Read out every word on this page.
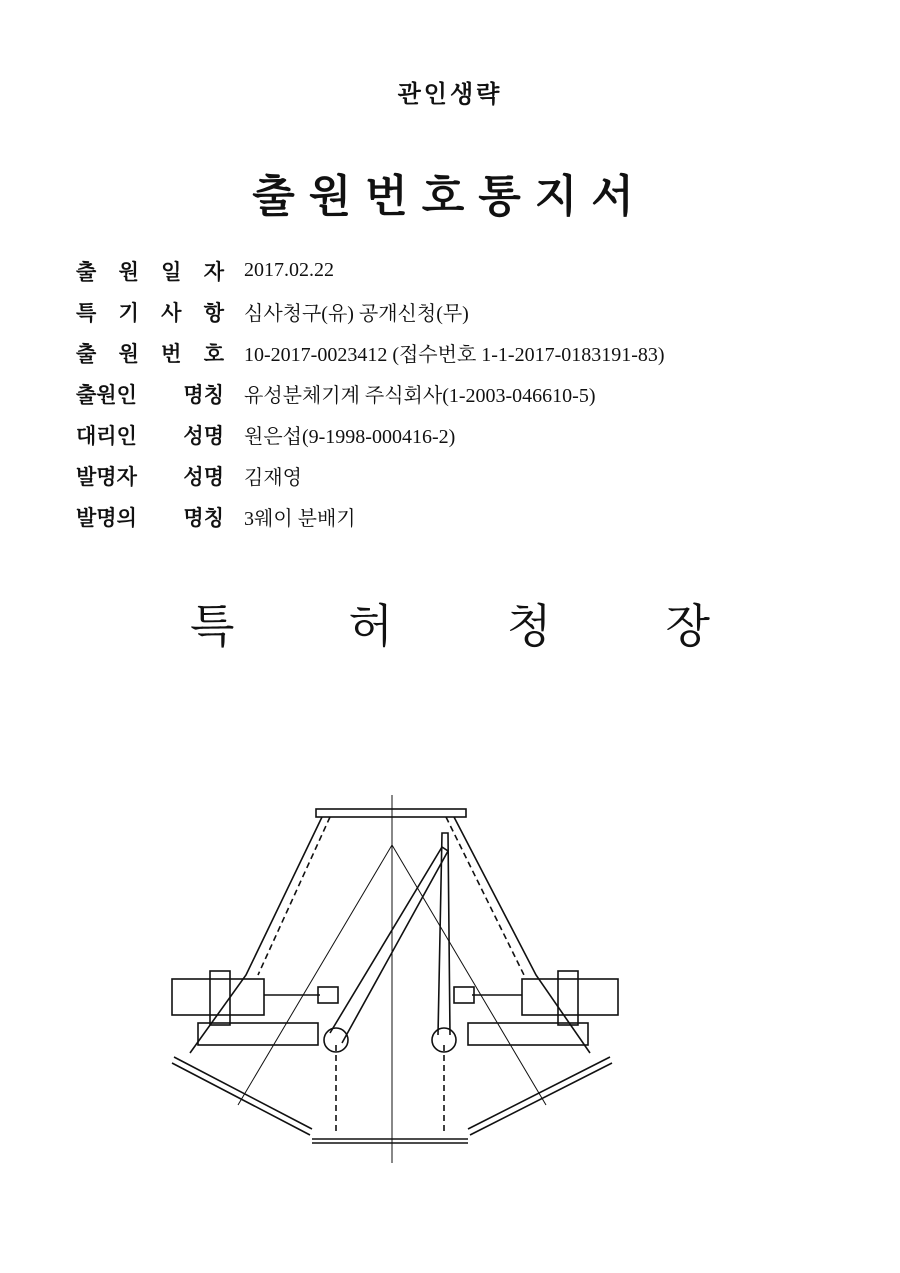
관인생략
출원번호통지서
출 원 일 자 2017.02.22
특 기 사 항 심사청구(유) 공개신청(무)
출 원 번 호 10-2017-0023412 (접수번호 1-1-2017-0183191-83)
출원인 명칭 유성분체기계 주식회사(1-2003-046610-5)
대리인 성명 원은섭(9-1998-000416-2)
발명자 성명 김재영
발명의 명칭 3웨이 분배기
특 허 청 장
